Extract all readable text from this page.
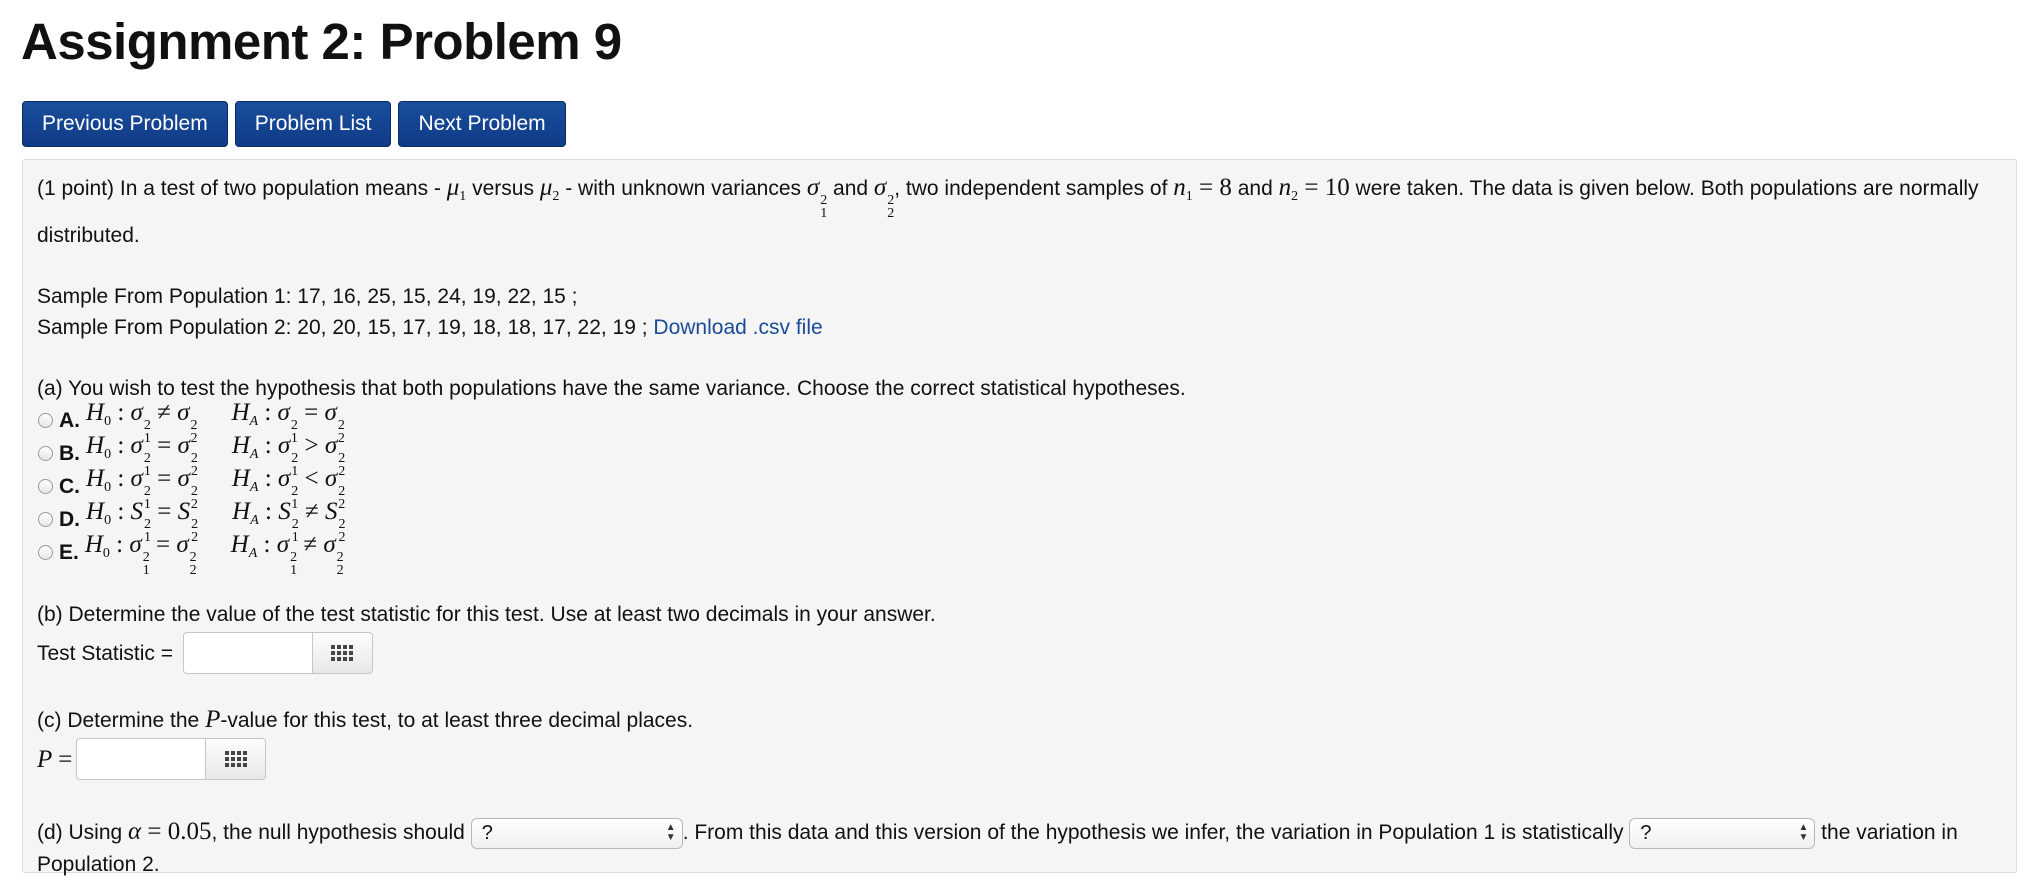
Assignment 2: Problem 9
Previous Problem	Problem List	Next Problem
(1 point) In a test of two population means - $\mu_1$ versus $\mu_2$ - with unknown variances σ 2
1
and σ 2
2
, two independent samples of $n_1 = 8$ and $n_2 = 10$ were taken. The data is given below. Both populations are normally distributed.
Sample From Population 1: 17, 16, 25, 15, 24, 19, 22, 15 ;
Sample From Population 2: 20, 20, 15, 17, 19, 18, 18, 17, 22, 19 ; Download .csv file
(a) You wish to test the hypothesis that both populations have the same variance. Choose the correct statistical hypotheses.
A. $H_0$ : σ 2
1
≠ σ 2
2
$H_A$ : σ 2
1
= σ 2
2
B. $H_0$ : σ 2
1
= σ 2
2
$H_A$ : σ 2
1
> σ 2
2
C. $H_0$ : σ 2
1
= σ 2
2
$H_A$ : σ 2
1
< σ 2
2
D. $H_0$ : S 2
1
= S 2
2
$H_A$ : S 2
1
≠ S 2
2
E. $H_0$ : σ 2
1
= σ 2
2
$H_A$ : σ 2
1
≠ σ 2
2
(b) Determine the value of the test statistic for this test. Use at least two decimals in your answer.
Test Statistic =
(c) Determine the P-value for this test, to at least three decimal places.
P =
(d) Using α = 0.05, the null hypothesis should ?	▲
▼ . From this data and this version of the hypothesis we infer, the variation in Population 1 is statistically ?	▲
▼ the variation in Population 2.
